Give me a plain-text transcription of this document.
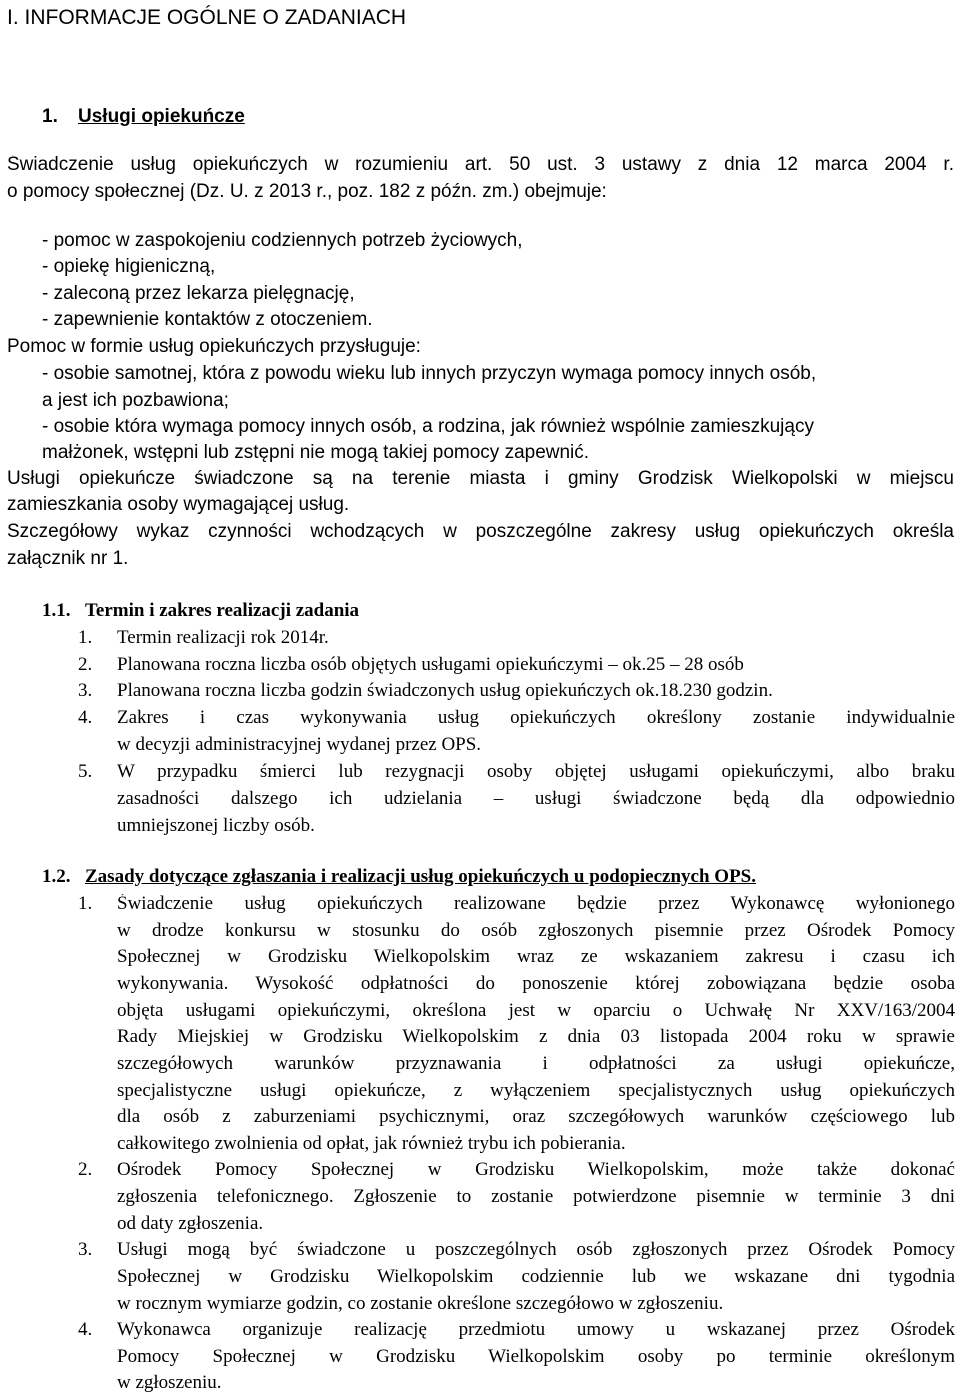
I. INFORMACJE OGÓLNE O ZADANIACH
1. Usługi opiekuńcze
Świadczenie usług opiekuńczych w rozumieniu art. 50 ust. 3 ustawy z dnia 12 marca 2004 r.
o pomocy społecznej (Dz. U. z 2013 r., poz. 182 z późn. zm.) obejmuje:
- pomoc w zaspokojeniu codziennych potrzeb życiowych,
- opiekę higieniczną,
- zaleconą przez lekarza pielęgnację,
- zapewnienie kontaktów z otoczeniem.
Pomoc w formie usług opiekuńczych przysługuje:
- osobie samotnej, która z powodu wieku lub innych przyczyn wymaga pomocy innych osób,
a jest ich pozbawiona;
- osobie która wymaga pomocy innych osób, a rodzina, jak również wspólnie zamieszkujący
małżonek, wstępni lub zstępni nie mogą takiej pomocy zapewnić.
Usługi opiekuńcze świadczone są na terenie miasta i gminy Grodzisk Wielkopolski w miejscu
zamieszkania osoby wymagającej usług.
Szczegółowy wykaz czynności wchodzących w poszczególne zakresy usług opiekuńczych określa
załącznik nr 1.
1.1. Termin i zakres realizacji zadania
1. Termin realizacji rok 2014r.
2. Planowana roczna liczba osób objętych usługami opiekuńczymi – ok.25 – 28 osób
3. Planowana roczna liczba godzin świadczonych usług opiekuńczych ok.18.230 godzin.
4. Zakres i czas wykonywania usług opiekuńczych określony zostanie indywidualnie
w decyzji administracyjnej wydanej przez OPS.
5. W przypadku śmierci lub rezygnacji osoby objętej usługami opiekuńczymi, albo braku
zasadności dalszego ich udzielania – usługi świadczone będą dla odpowiednio
umniejszonej liczby osób.
1.2. Zasady dotyczące zgłaszania i realizacji usług opiekuńczych u podopiecznych OPS.
1. Świadczenie usług opiekuńczych realizowane będzie przez Wykonawcę wyłonionego
w drodze konkursu w stosunku do osób zgłoszonych pisemnie przez Ośrodek Pomocy
Społecznej w Grodzisku Wielkopolskim wraz ze wskazaniem zakresu i czasu ich
wykonywania. Wysokość odpłatności do ponoszenie której zobowiązana będzie osoba
objęta usługami opiekuńczymi, określona jest w oparciu o Uchwałę Nr XXV/163/2004
Rady Miejskiej w Grodzisku Wielkopolskim z dnia 03 listopada 2004 roku w sprawie
szczegółowych warunków przyznawania i odpłatności za usługi opiekuńcze,
specjalistyczne usługi opiekuńcze, z wyłączeniem specjalistycznych usług opiekuńczych
dla osób z zaburzeniami psychicznymi, oraz szczegółowych warunków częściowego lub
całkowitego zwolnienia od opłat, jak również trybu ich pobierania.
2. Ośrodek Pomocy Społecznej w Grodzisku Wielkopolskim, może także dokonać
zgłoszenia telefonicznego. Zgłoszenie to zostanie potwierdzone pisemnie w terminie 3 dni
od daty zgłoszenia.
3. Usługi mogą być świadczone u poszczególnych osób zgłoszonych przez Ośrodek Pomocy
Społecznej w Grodzisku Wielkopolskim codziennie lub we wskazane dni tygodnia
w rocznym wymiarze godzin, co zostanie określone szczegółowo w zgłoszeniu.
4. Wykonawca organizuje realizację przedmiotu umowy u wskazanej przez Ośrodek
Pomocy Społecznej w Grodzisku Wielkopolskim osoby po terminie określonym
w zgłoszeniu.
